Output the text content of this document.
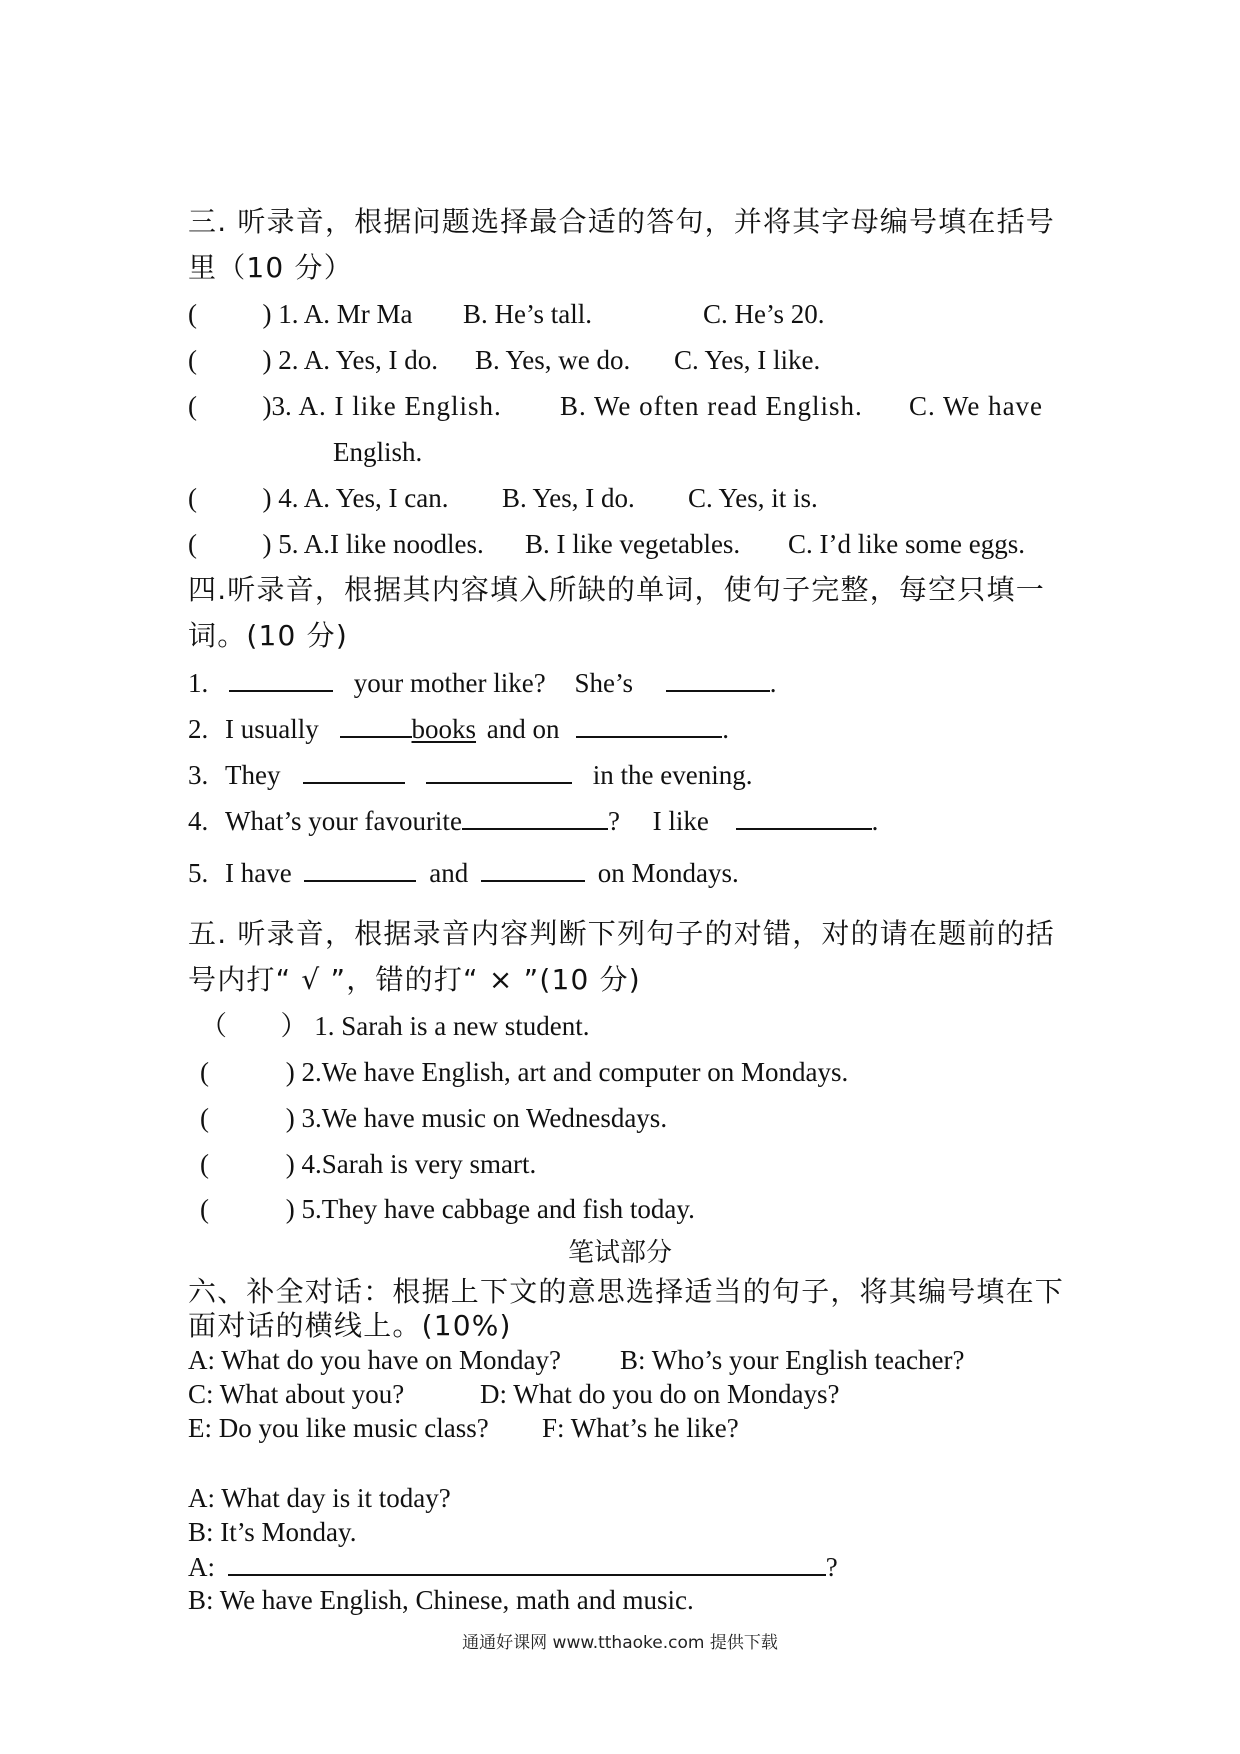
三. 听录音，根据问题选择最合适的答句，并将其字母编号填在括号
里（10 分）
( ) 1. A. Mr Ma B. He’s tall.	C. He’s 20.
( ) 2. A. Yes, I do. B. Yes, we do. C. Yes, I like.
( )3. A. I like English. B. We often read English. C. We have
English.
( ) 4. A. Yes, I can. B. Yes, I do. C. Yes, it is.
( ) 5. A.I like noodles. B. I like vegetables. C. I’d like some eggs.
四.听录音，根据其内容填入所缺的单词，使句子完整，每空只填一
词。(10 分)
1.	your mother like? She’s	.
2. I usually	books and on	.
3. They	in the evening.
4. What’s your favourite	? I like	.
5. I have	and	on Mondays.
五. 听录音，根据录音内容判断下列句子的对错，对的请在题前的括
号内打“ √ ”，错的打“ × ”(10 分)
（ ） 1. Sarah is a new student.
(	) 2.We have English, art and computer on Mondays.
(	) 3.We have music on Wednesdays.
(	) 4.Sarah is very smart.
(	) 5.They have cabbage and fish today.
笔试部分
六、补全对话：根据上下文的意思选择适当的句子，将其编号填在下
面对话的横线上。(10%)
A: What do you have on Monday? B: Who’s your English teacher?
C: What about you?	D: What do you do on Mondays?
E: Do you like music class? F: What’s he like?
A: What day is it today?
B: It’s Monday.
A:	?
B: We have English, Chinese, math and music.
通通好课网 www.tthaoke.com 提供下载
